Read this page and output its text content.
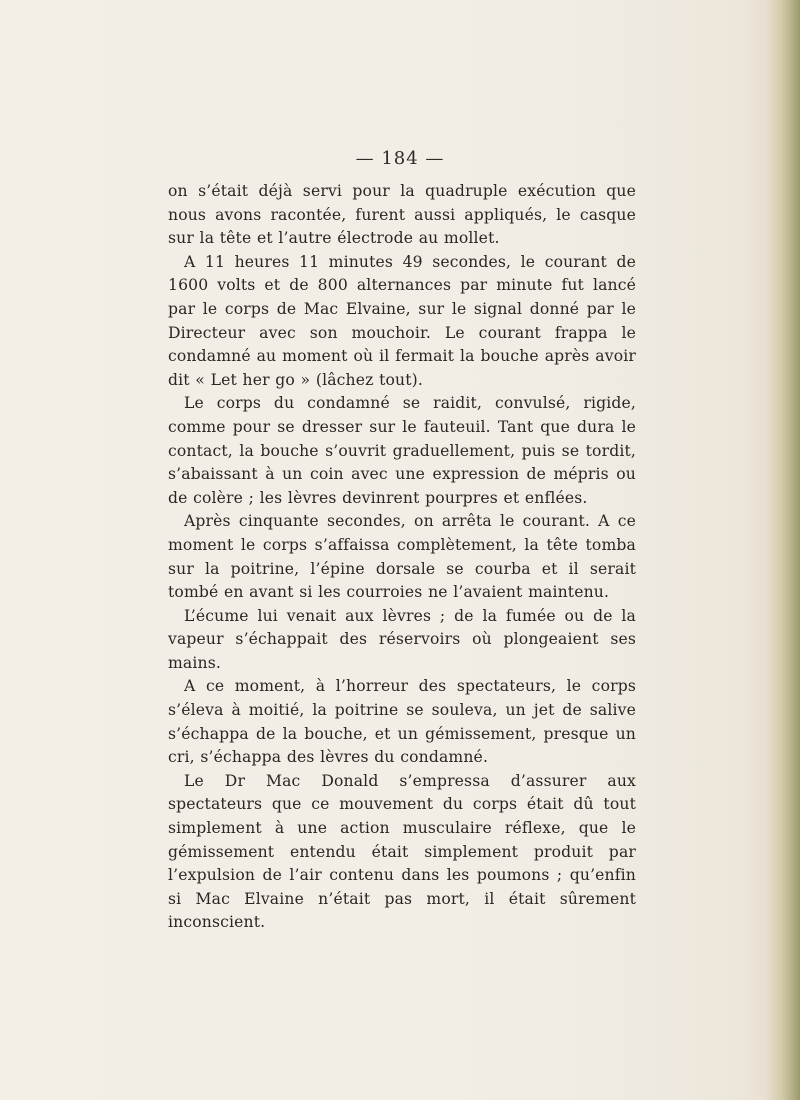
— 184 —

on s’était déjà servi pour la quadruple exécution que nous avons racontée, furent aussi appliqués, le casque sur la tête et l’autre électrode au mollet.

A 11 heures 11 minutes 49 secondes, le courant de 1600 volts et de 800 alternances par minute fut lancé par le corps de Mac Elvaine, sur le signal donné par le Directeur avec son mouchoir. Le courant frappa le condamné au moment où il fermait la bouche après avoir dit « Let her go » (lâchez tout).

Le corps du condamné se raidit, convulsé, rigide, comme pour se dresser sur le fauteuil. Tant que dura le contact, la bouche s’ouvrit graduellement, puis se tordit, s’abaissant à un coin avec une expression de mépris ou de colère ; les lèvres devinrent pourpres et enflées.

Après cinquante secondes, on arrêta le courant. A ce moment le corps s’affaissa complètement, la tête tomba sur la poitrine, l’épine dorsale se courba et il serait tombé en avant si les courroies ne l’avaient maintenu.

L’écume lui venait aux lèvres ; de la fumée ou de la vapeur s’échappait des réservoirs où plongeaient ses mains.

A ce moment, à l’horreur des spectateurs, le corps s’éleva à moitié, la poitrine se souleva, un jet de salive s’échappa de la bouche, et un gémissement, presque un cri, s’échappa des lèvres du condamné.

Le Dr Mac Donald s’empressa d’assurer aux spectateurs que ce mouvement du corps était dû tout simplement à une action musculaire réflexe, que le gémissement entendu était simplement produit par l’expulsion de l’air contenu dans les poumons ; qu’enfin si Mac Elvaine n’était pas mort, il était sûrement inconscient.
